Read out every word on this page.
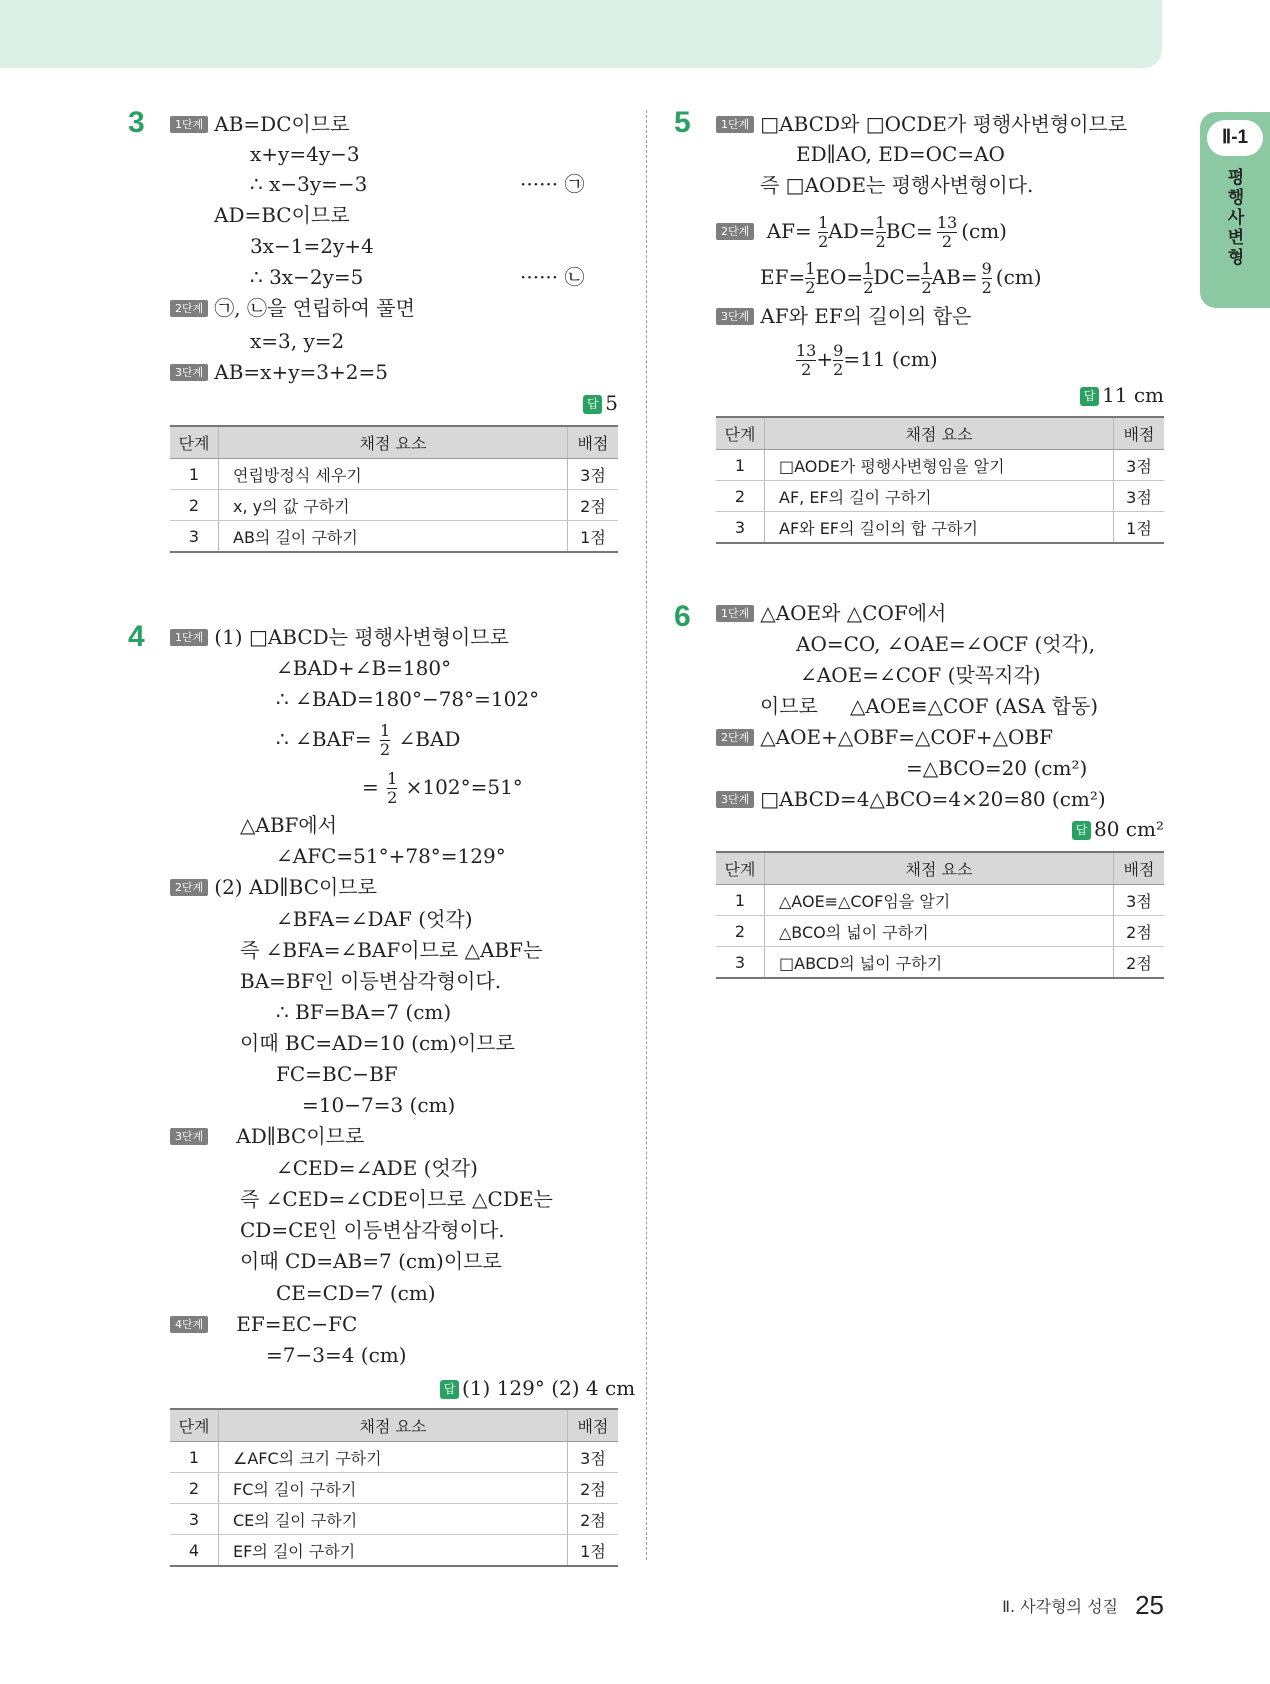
Ⅱ-1
평행사변형
3	1단계 AB=DC이므로
x+y=4y−3
∴ x−3y=−3	······ ㉠
AD=BC이므로
3x−1=2y+4
∴ 3x−2y=5	······ ㉡
2단계 ㉠, ㉡을 연립하여 풀면
x=3, y=2
3단계 AB=x+y=3+2=5
답 5
단계	채점 요소	배점
1	연립방정식 세우기	3점
2	x, y의 값 구하기	2점
3	AB의 길이 구하기	1점
4	1단계 (1) □ABCD는 평행사변형이므로
∠BAD+∠B=180°
∴ ∠BAD=180°−78°=102°
∴ ∠BAF= $\frac{1}{2}$ ∠BAD
= $\frac{1}{2} \times 102^\circ=51^\circ$
△ABF에서
∠AFC=51°+78°=129°
2단계 (2) AD∥BC이므로
∠BFA=∠DAF (엇각)
즉 ∠BFA=∠BAF이므로 △ABF는
BA=BF인 이등변삼각형이다.
∴ BF=BA=7 (cm)
이때 BC=AD=10 (cm)이므로
FC=BC−BF
=10−7=3 (cm)
3단계 AD∥BC이므로
∠CED=∠ADE (엇각)
즉 ∠CED=∠CDE이므로 △CDE는
CD=CE인 이등변삼각형이다.
이때 CD=AB=7 (cm)이므로
CE=CD=7 (cm)
4단계 EF=EC−FC
=7−3=4 (cm)
답 (1) 129° (2) 4 cm
단계	채점 요소	배점
1	∠AFC의 크기 구하기	3점
2	FC의 길이 구하기	2점
3	CE의 길이 구하기	2점
4	EF의 길이 구하기	1점
5	1단계 □ABCD와 □OCDE가 평행사변형이므로
ED∥AO, ED=OC=AO
즉 □AODE는 평행사변형이다.
2단계 $AF= \frac{1}{2} AD= \frac{1}{2} BC= \frac{13}{2} (cm)$
$EF= \frac{1}{2} EO= \frac{1}{2} DC= \frac{1}{2} AB= \frac{9}{2} (cm)$
3단계 AF와 EF의 길이의 합은
$\frac{13}{2} + \frac{9}{2} =11$ (cm)
답 11 cm
단계	채점 요소	배점
1	□AODE가 평행사변형임을 알기	3점
2	AF, EF의 길이 구하기	3점
3	AF와 EF의 길이의 합 구하기	1점
6	1단계 △AOE와 △COF에서
AO=CO, ∠OAE=∠OCF (엇각),
∠AOE=∠COF (맞꼭지각)
이므로 △AOE≡△COF (ASA 합동)
2단계 △AOE+△OBF=△COF+△OBF
=△BCO=20 (cm²)
3단계 □ABCD=4△BCO=4×20=80 (cm²)
답 80 cm²
단계	채점 요소	배점
1	△AOE≡△COF임을 알기	3점
2	△BCO의 넓이 구하기	2점
3	□ABCD의 넓이 구하기	2점
Ⅱ. 사각형의 성질 25
